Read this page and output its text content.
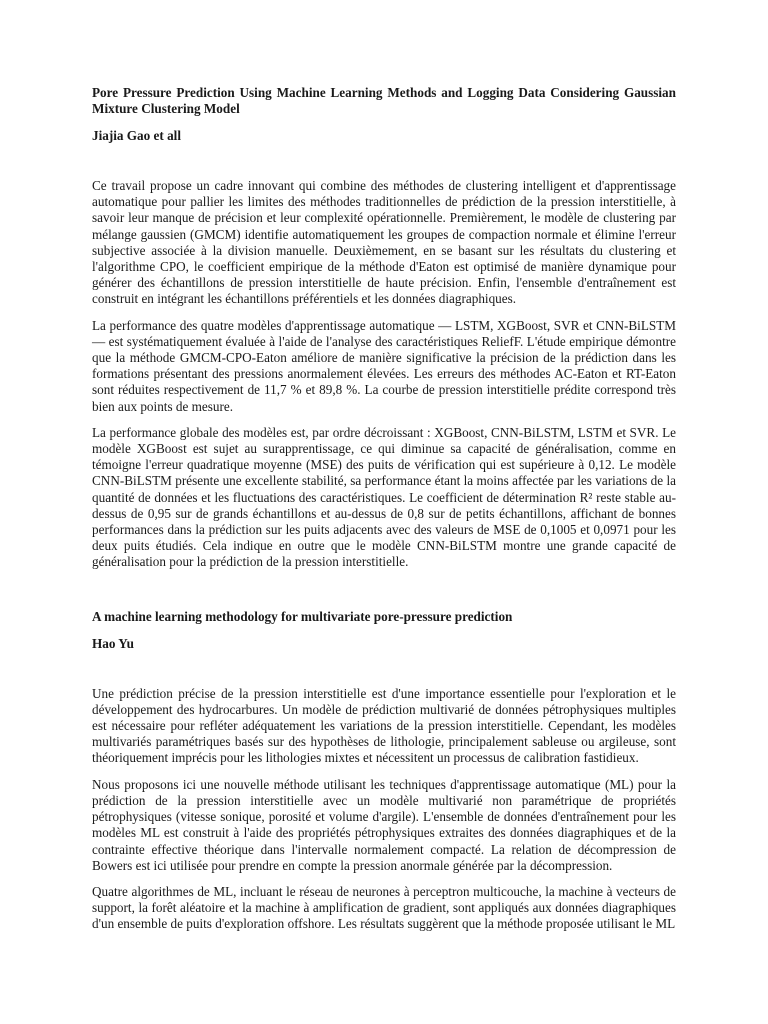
Pore Pressure Prediction Using Machine Learning Methods and Logging Data Considering Gaussian Mixture Clustering Model
Jiajia Gao et all

Ce travail propose un cadre innovant qui combine des méthodes de clustering intelligent et d'apprentissage automatique pour pallier les limites des méthodes traditionnelles de prédiction de la pression interstitielle, à savoir leur manque de précision et leur complexité opérationnelle. Premièrement, le modèle de clustering par mélange gaussien (GMCM) identifie automatiquement les groupes de compaction normale et élimine l'erreur subjective associée à la division manuelle. Deuxièmement, en se basant sur les résultats du clustering et l'algorithme CPO, le coefficient empirique de la méthode d'Eaton est optimisé de manière dynamique pour générer des échantillons de pression interstitielle de haute précision. Enfin, l'ensemble d'entraînement est construit en intégrant les échantillons préférentiels et les données diagraphiques.

La performance des quatre modèles d'apprentissage automatique — LSTM, XGBoost, SVR et CNN-BiLSTM — est systématiquement évaluée à l'aide de l'analyse des caractéristiques ReliefF. L'étude empirique démontre que la méthode GMCM-CPO-Eaton améliore de manière significative la précision de la prédiction dans les formations présentant des pressions anormalement élevées. Les erreurs des méthodes AC-Eaton et RT-Eaton sont réduites respectivement de 11,7 % et 89,8 %. La courbe de pression interstitielle prédite correspond très bien aux points de mesure.

La performance globale des modèles est, par ordre décroissant : XGBoost, CNN-BiLSTM, LSTM et SVR. Le modèle XGBoost est sujet au surapprentissage, ce qui diminue sa capacité de généralisation, comme en témoigne l'erreur quadratique moyenne (MSE) des puits de vérification qui est supérieure à 0,12. Le modèle CNN-BiLSTM présente une excellente stabilité, sa performance étant la moins affectée par les variations de la quantité de données et les fluctuations des caractéristiques. Le coefficient de détermination R² reste stable au-dessus de 0,95 sur de grands échantillons et au-dessus de 0,8 sur de petits échantillons, affichant de bonnes performances dans la prédiction sur les puits adjacents avec des valeurs de MSE de 0,1005 et 0,0971 pour les deux puits étudiés. Cela indique en outre que le modèle CNN-BiLSTM montre une grande capacité de généralisation pour la prédiction de la pression interstitielle.

A machine learning methodology for multivariate pore-pressure prediction
Hao Yu

Une prédiction précise de la pression interstitielle est d'une importance essentielle pour l'exploration et le développement des hydrocarbures. Un modèle de prédiction multivarié de données pétrophysiques multiples est nécessaire pour refléter adéquatement les variations de la pression interstitielle. Cependant, les modèles multivariés paramétriques basés sur des hypothèses de lithologie, principalement sableuse ou argileuse, sont théoriquement imprécis pour les lithologies mixtes et nécessitent un processus de calibration fastidieux.

Nous proposons ici une nouvelle méthode utilisant les techniques d'apprentissage automatique (ML) pour la prédiction de la pression interstitielle avec un modèle multivarié non paramétrique de propriétés pétrophysiques (vitesse sonique, porosité et volume d'argile). L'ensemble de données d'entraînement pour les modèles ML est construit à l'aide des propriétés pétrophysiques extraites des données diagraphiques et de la contrainte effective théorique dans l'intervalle normalement compacté. La relation de décompression de Bowers est ici utilisée pour prendre en compte la pression anormale générée par la décompression.

Quatre algorithmes de ML, incluant le réseau de neurones à perceptron multicouche, la machine à vecteurs de support, la forêt aléatoire et la machine à amplification de gradient, sont appliqués aux données diagraphiques d'un ensemble de puits d'exploration offshore. Les résultats suggèrent que la méthode proposée utilisant le ML
